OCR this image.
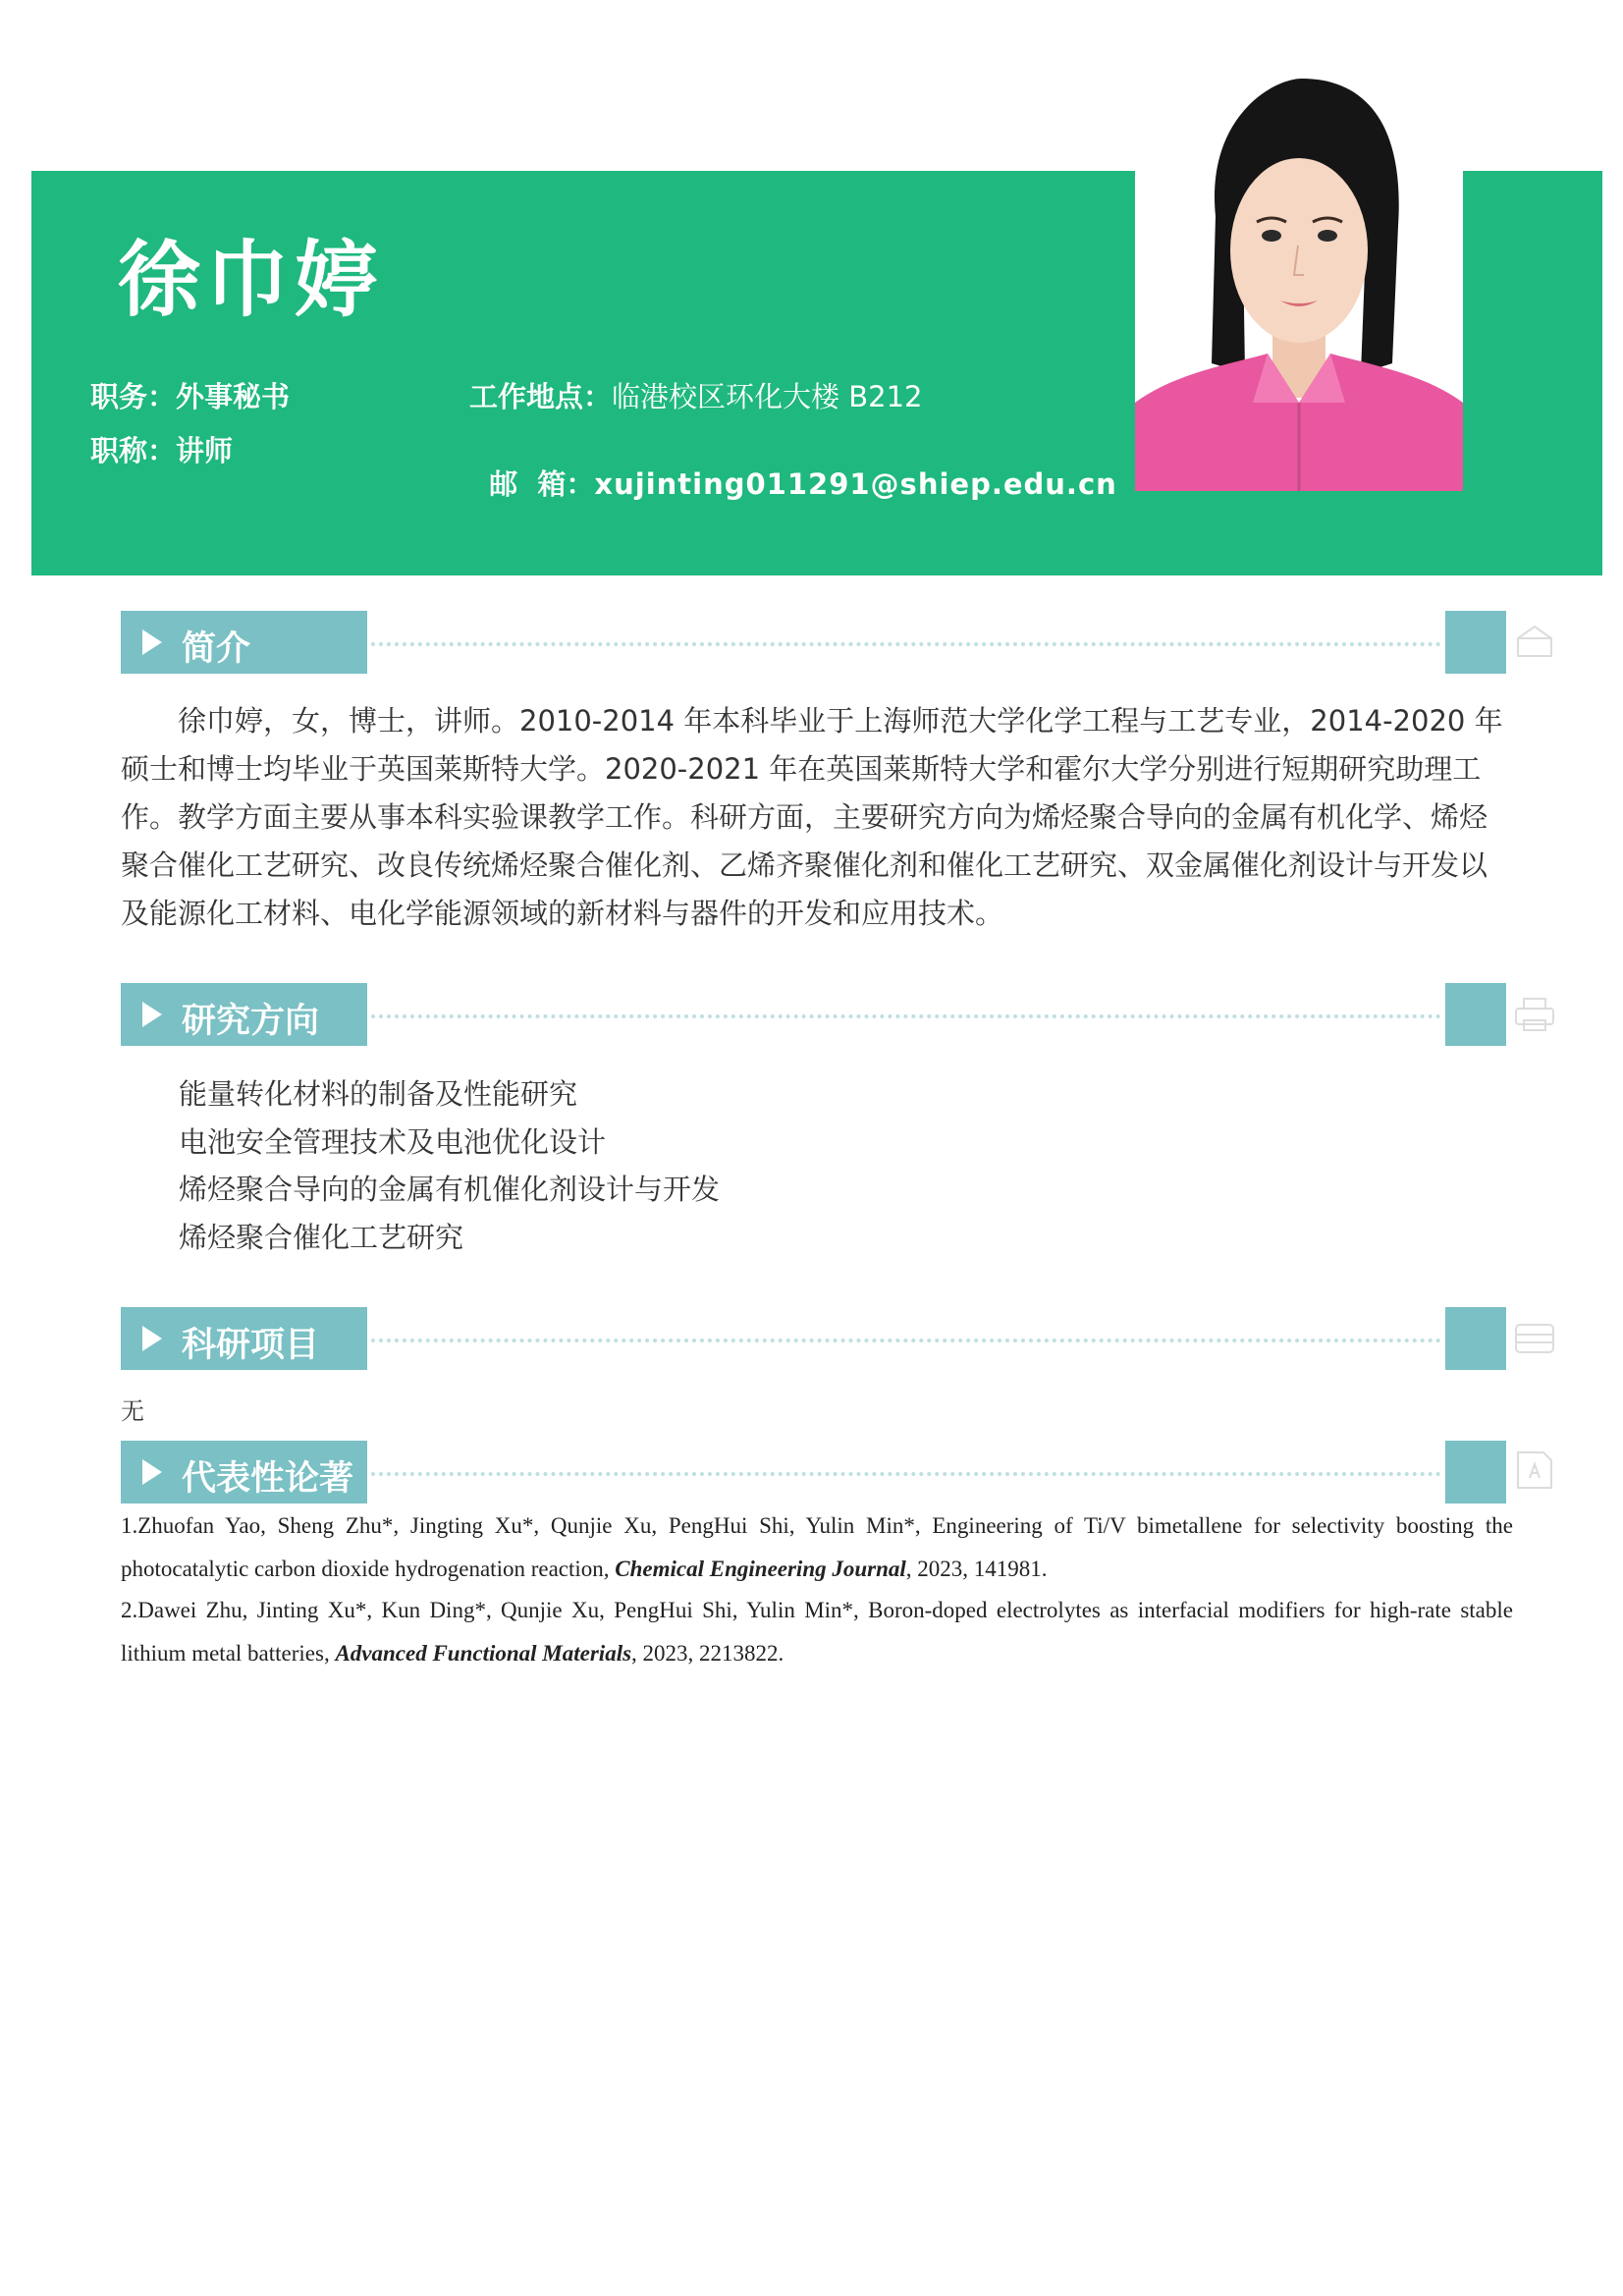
徐巾婷
职务：外事秘书
职称：讲师
工作地点：临港校区环化大楼 B212

邮  箱：xujinting011291@shiep.edu.cn

简介
徐巾婷，女，博士，讲师。2010-2014 年本科毕业于上海师范大学化学工程与工艺专业，2014-2020 年硕士和博士均毕业于英国莱斯特大学。2020-2021 年在英国莱斯特大学和霍尔大学分别进行短期研究助理工作。教学方面主要从事本科实验课教学工作。科研方面，主要研究方向为烯烃聚合导向的金属有机化学、烯烃聚合催化工艺研究、改良传统烯烃聚合催化剂、乙烯齐聚催化剂和催化工艺研究、双金属催化剂设计与开发以及能源化工材料、电化学能源领域的新材料与器件的开发和应用技术。
研究方向
能量转化材料的制备及性能研究
电池安全管理技术及电池优化设计
烯烃聚合导向的金属有机催化剂设计与开发
烯烃聚合催化工艺研究
科研项目
无
代表性论著
1.Zhuofan Yao, Sheng Zhu*, Jingting Xu*, Qunjie Xu, PengHui Shi, Yulin Min*, Engineering of Ti/V bimetallene for selectivity boosting the photocatalytic carbon dioxide hydrogenation reaction, Chemical Engineering Journal, 2023, 141981.
2.Dawei Zhu, Jinting Xu*, Kun Ding*, Qunjie Xu, PengHui Shi, Yulin Min*, Boron-doped electrolytes as interfacial modifiers for high-rate stable lithium metal batteries, Advanced Functional Materials, 2023, 2213822.
